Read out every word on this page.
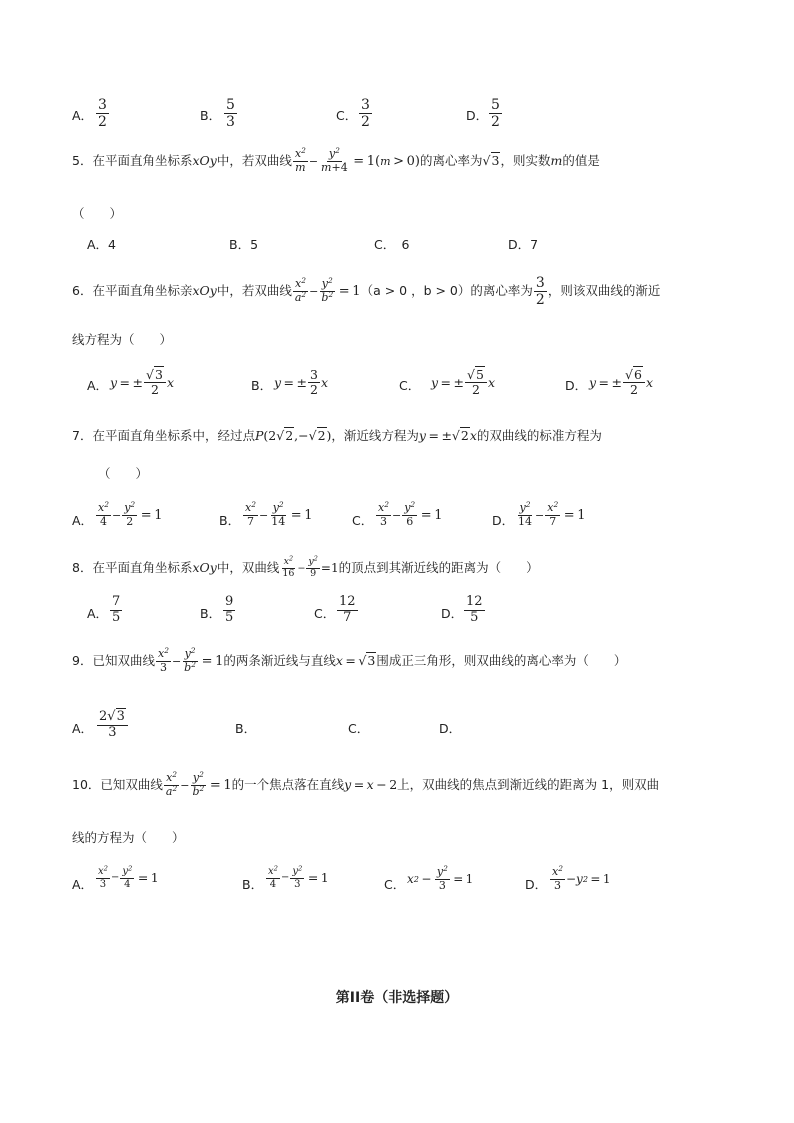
A． $\frac{3}{2}$	B． $\frac{5}{3}$	C． $\frac{3}{2}$	D． $\frac{5}{2}$
5．在平面直角坐标系 xOy 中，若双曲线 $\frac{x^2}{m} - \frac{y^2}{m+4} = 1$( m  > 0) 的离心率为 √3 ，则实数 m 的值是
（　　）
A．4	B．5	C．　6	D．7
6．在平面直角坐标亲 xOy 中，若双曲线 $\frac{x^2}{a^2} - \frac{y^2}{b^2} = 1$ （a > 0 ，b > 0） 的离心率为 $\frac{3}{2}$ ，则该双曲线的渐近
线方程为（　　）
A． y  = ± $\frac{√3}{2}$ x	B． y  = ± $\frac{3}{2}$ x	C． y  = ± $\frac{√5}{2}$ x	D． y  = ± $\frac{√6}{2}$ x
7．在平面直角坐标系中，经过点 P(2√2,−√2) ，渐近线方程为 y = ±√2x 的双曲线的标准方程为
（　　）
A． $\frac{x^2}{4} - \frac{y^2}{2} = 1$	B． $\frac{x^2}{7} - \frac{y^2}{14} = 1$	C． $\frac{x^2}{3} - \frac{y^2}{6} = 1$	D． $\frac{y^2}{14} - \frac{x^2}{7} = 1$
8．在平面直角坐标系 xOy 中，双曲线 $\frac{x^2}{16} - \frac{y^2}{9} =1$ 的顶点到其渐近线的距离为（　　）
A． $\frac{7}{5}$	B． $\frac{9}{5}$	C． $\frac{12}{7}$	D． $\frac{12}{5}$
9．已知双曲线 $\frac{x^2}{3} - \frac{y^2}{b^2} = 1$ 的两条渐近线与直线 x = √3 围成正三角形，则双曲线的离心率为（　　）
A． $\frac{2√3}{3}$	B．	C．	D．
10．已知双曲线 $\frac{x^2}{a^2} - \frac{y^2}{b^2} = 1$ 的一个焦点落在直线 y = x − 2 上，双曲线的焦点到渐近线的距离为 1，则双曲
线的方程为（　　）
A． $\frac{x^2}{3} - \frac{y^2}{4} = 1$	B． $\frac{x^2}{4} - \frac{y^2}{3} = 1$	C． x $2 - \frac{y^2}{3} = 1$	D． $\frac{x^2}{3} - y$ 2  = 1
第II卷（非选择题）
